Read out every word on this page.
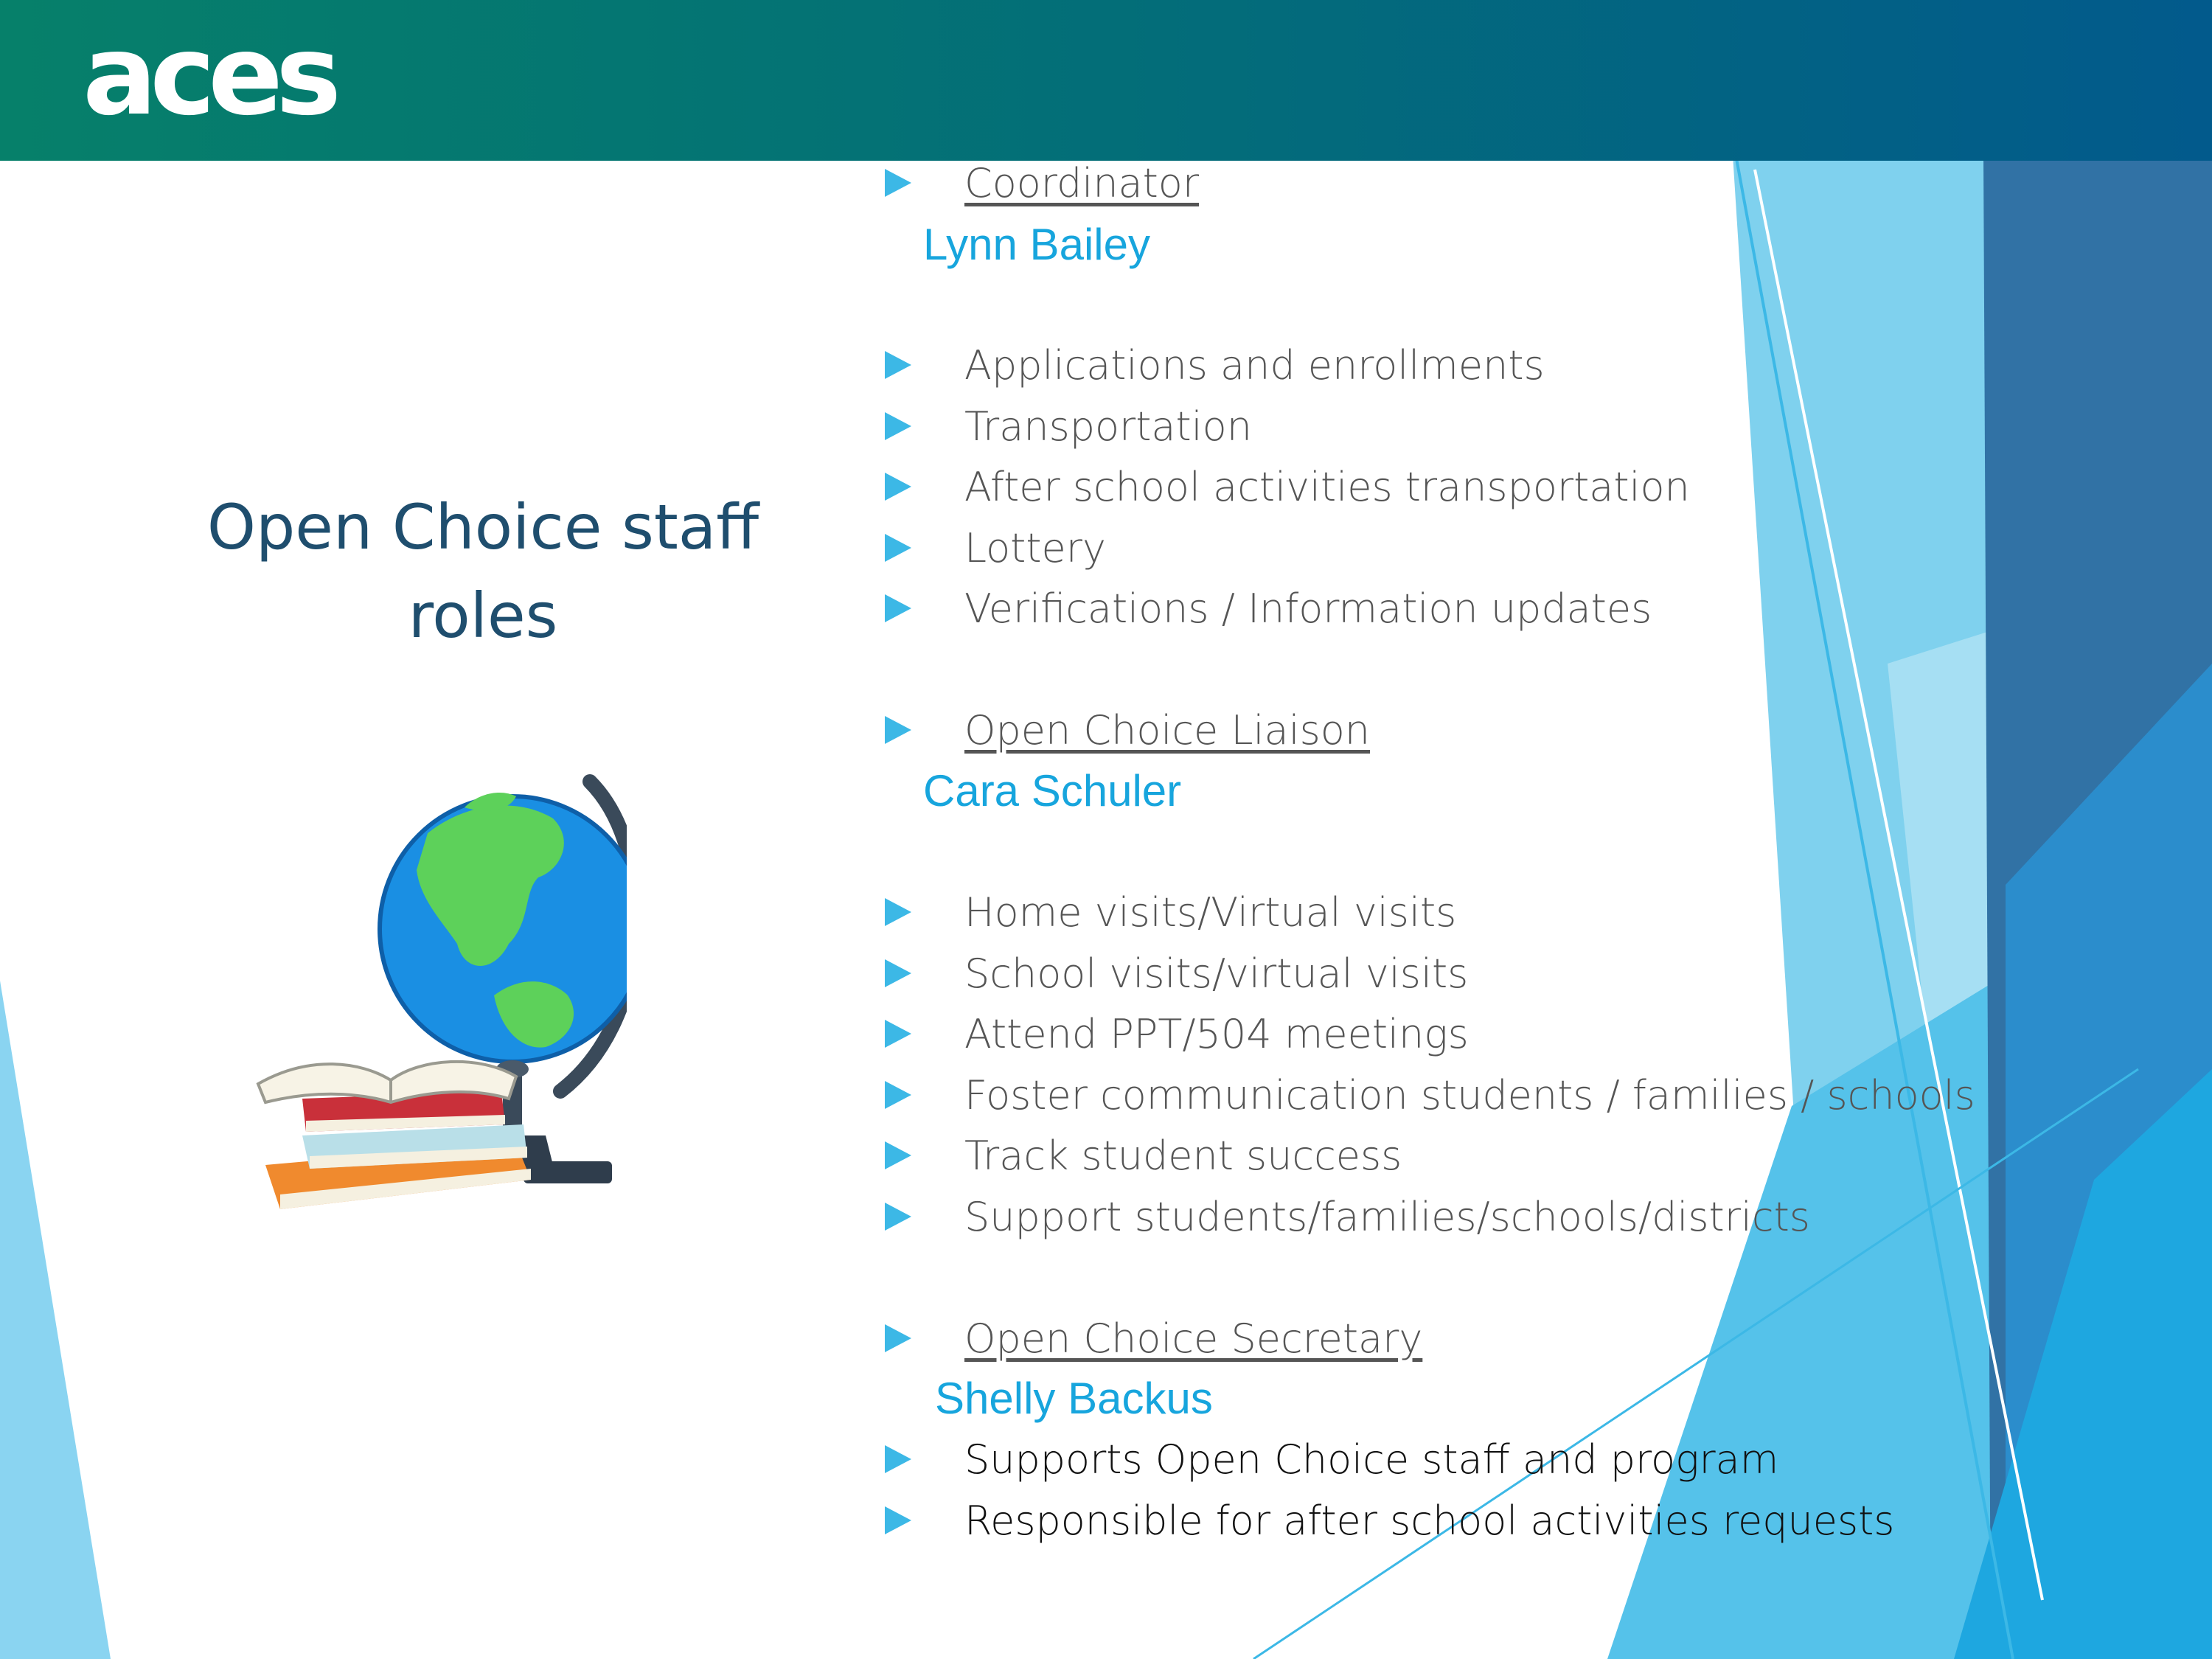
aces
Open Choice staff
roles
Coordinator
Lynn Bailey
Applications and enrollments
Transportation
After school activities transportation
Lottery
Verifications / Information updates
Open Choice Liaison
Cara Schuler
Home visits/Virtual visits
School visits/virtual visits
Attend PPT/504 meetings
Foster communication students / families / schools
Track student success
Support students/families/schools/districts
Open Choice Secretary
Shelly Backus
Supports Open Choice staff and program
Responsible for after school activities requests
